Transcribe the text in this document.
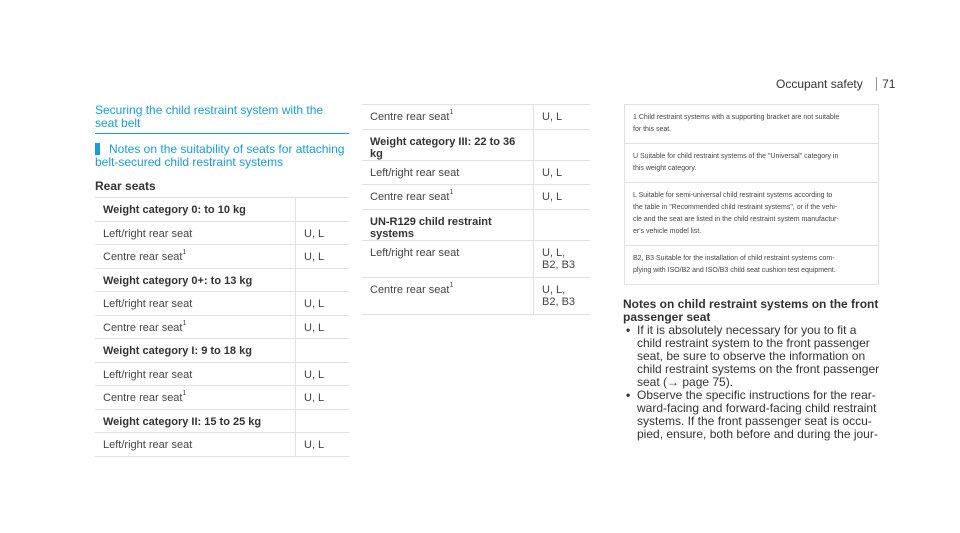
Occupant safety 71
Securing the child restraint system with the seat belt
Notes on the suitability of seats for attaching
belt-secured child restraint systems
Rear seats
Weight category 0: to 10 kg	
Left/right rear seat	U, L

Centre rear seat$^1$	U, L

Weight category 0+: to 13 kg	
Left/right rear seat	U, L

Centre rear seat$^1$	U, L

Weight category I: 9 to 18 kg	
Left/right rear seat	U, L

Centre rear seat$^1$	U, L

Weight category II: 15 to 25 kg	
Left/right rear seat	U, L
Centre rear seat$^1$	U, L

Weight category III: 22 to 36 kg	
Left/right rear seat	U, L

Centre rear seat$^1$	U, L

UN-R129 child restraint systems	
Left/right rear seat	U, L,
B2, B3

Centre rear seat$^1$	U, L,
B2, B3
1 Child restraint systems with a supporting bracket are not suitable
for this seat.
U Suitable for child restraint systems of the "Universal" category in
this weight category.
L Suitable for semi-universal child restraint systems according to
the table in "Recommended child restraint systems", or if the vehi-
cle and the seat are listed in the child restraint system manufactur-
er's vehicle model list.
B2, B3 Suitable for the installation of child restraint systems com-
plying with ISO/B2 and ISO/B3 child seat cushion test equipment.
Notes on child restraint systems on the front
passenger seat
• If it is absolutely necessary for you to fit a
child restraint system to the front passenger
seat, be sure to observe the information on
child restraint systems on the front passenger
seat (→ page 75).
• Observe the specific instructions for the rear-
ward-facing and forward-facing child restraint
systems. If the front passenger seat is occu-
pied, ensure, both before and during the jour-
